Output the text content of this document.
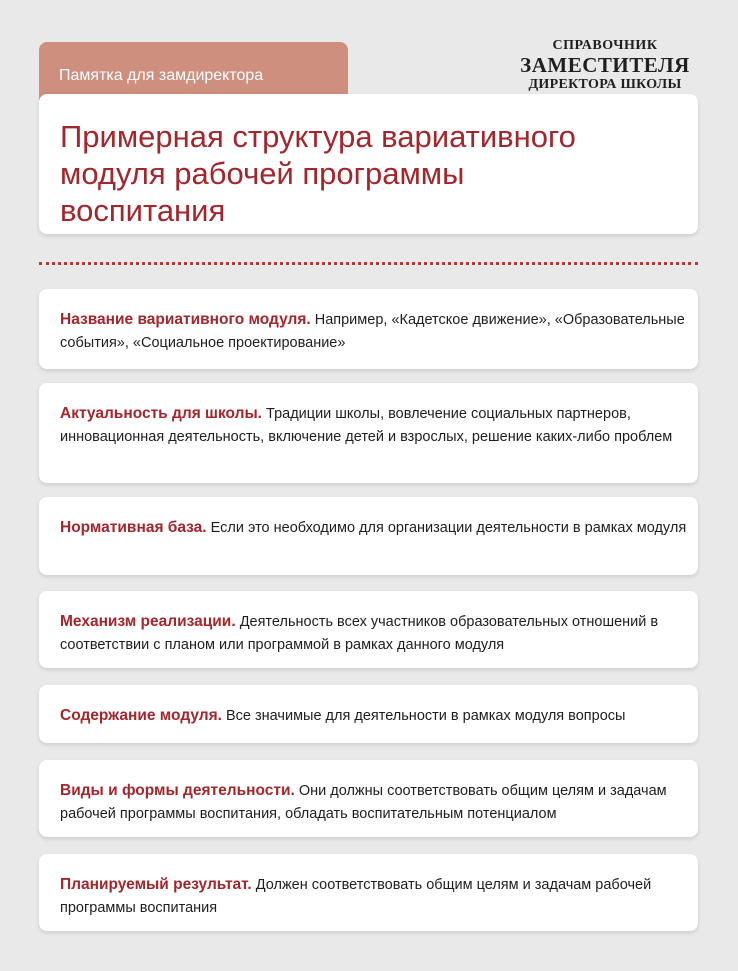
Памятка для замдиректора
СПРАВОЧНИК
ЗАМЕСТИТЕЛЯ
ДИРЕКТОРА ШКОЛЫ
Примерная структура вариативного модуля рабочей программы воспитания
Название вариативного модуля. Например, «Кадетское движение», «Образовательные события», «Социальное проектирование»
Актуальность для школы. Традиции школы, вовлечение социальных партнеров, инновационная деятельность, включение детей и взрослых, решение каких-либо проблем
Нормативная база. Если это необходимо для организации деятельности в рамках модуля
Механизм реализации. Деятельность всех участников образовательных отношений в соответствии с планом или программой в рамках данного модуля
Содержание модуля. Все значимые для деятельности в рамках модуля вопросы
Виды и формы деятельности. Они должны соответствовать общим целям и задачам рабочей программы воспитания, обладать воспитательным потенциалом
Планируемый результат. Должен соответствовать общим целям и задачам рабочей программы воспитания
